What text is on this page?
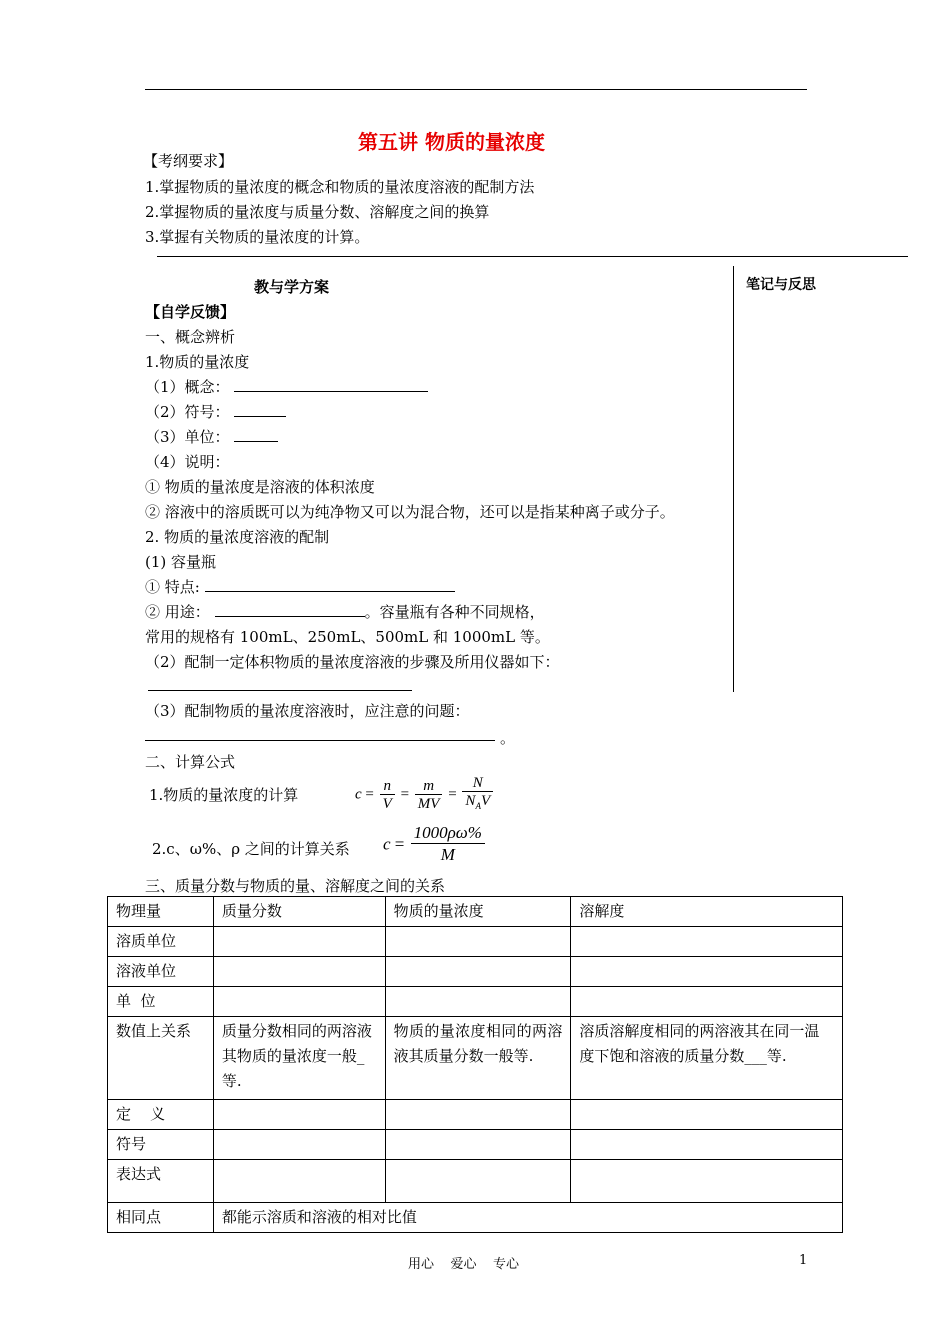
第五讲 物质的量浓度
【考纲要求】
1.掌握物质的量浓度的概念和物质的量浓度溶液的配制方法
2.掌握物质的量浓度与质量分数、溶解度之间的换算
3.掌握有关物质的量浓度的计算。
教与学方案	笔记与反思
【自学反馈】
一、概念辨析
1.物质的量浓度
（1）概念：
（2）符号：
（3）单位：
（4）说明：
① 物质的量浓度是溶液的体积浓度
② 溶液中的溶质既可以为纯净物又可以为混合物，还可以是指某种离子或分子。
2. 物质的量浓度溶液的配制
(1) 容量瓶
① 特点:
② 用途：	。容量瓶有各种不同规格，
常用的规格有 100mL、250mL、500mL 和 1000mL 等。
（2）配制一定体积物质的量浓度溶液的步骤及所用仪器如下：
（3）配制物质的量浓度溶液时，应注意的问题：
。
二、计算公式
1.物质的量浓度的计算	$c = \frac{n}{V} = \frac{m}{MV} = \frac{N}{N_AV}$
2.c、ω%、ρ 之间的计算关系 $c = \frac{1000\rho\omega\%}{M}$
三、质量分数与物质的量、溶解度之间的关系
物理量	质量分数	物质的量浓度	溶解度
溶质单位			
溶液单位			
单  位			
数值上关系	质量分数相同的两溶液其物质的量浓度一般_等.	物质的量浓度相同的两溶液其质量分数一般等.	溶质溶解度相同的两溶液其在同一温度下饱和溶液的质量分数___等.
定    义			
符号			
表达式			
相同点	都能示溶质和溶液的相对比值		
用心    爱心    专心	1
